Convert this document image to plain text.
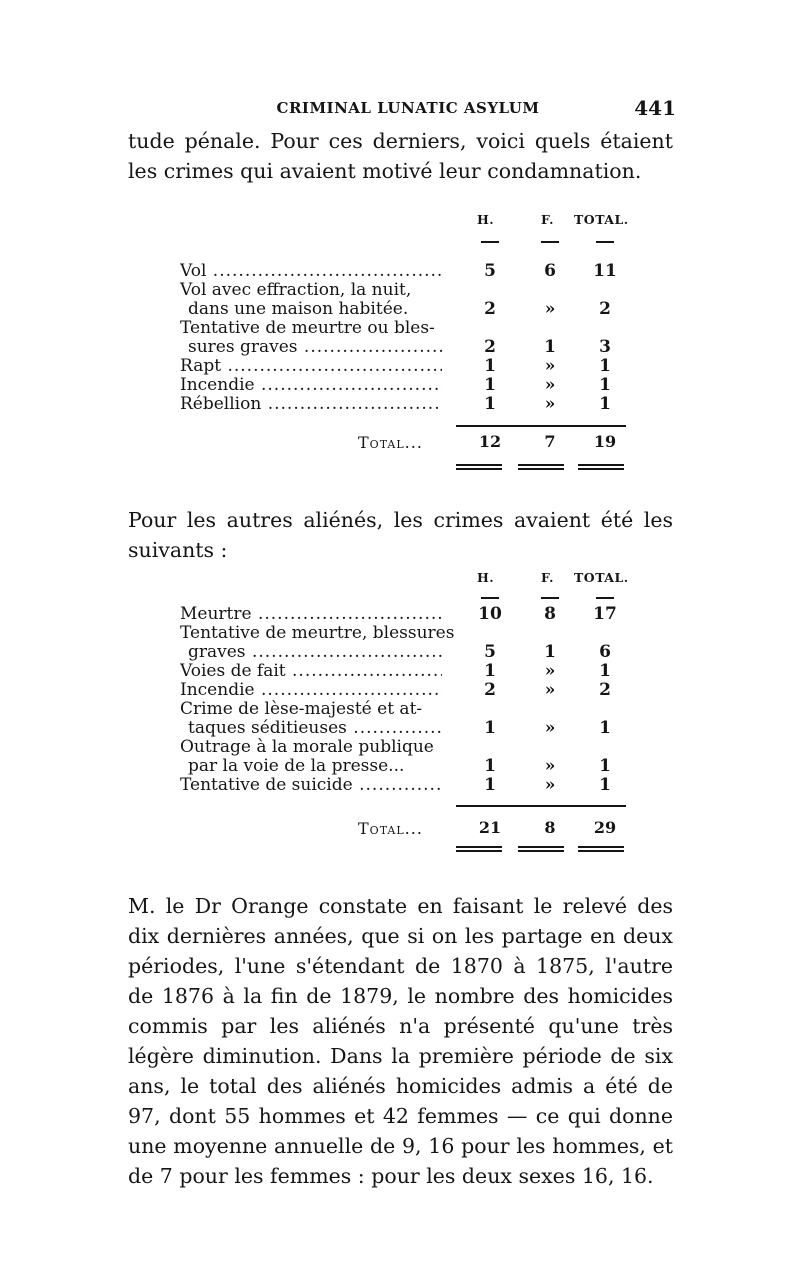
CRIMINAL LUNATIC ASYLUM	441

tude pénale. Pour ces derniers, voici quels étaient les crimes qui avaient motivé leur condamnation.

H.	F. TOTAL.
Vol .....	5	6	11
Vol avec effraction, la nuit,
dans une maison habitée.	2	»	2
Tentative de meurtre ou bles-
sures graves .....	2	1	3
Rapt .....	1	»	1
Incendie .....	1	»	1
Rébellion .....	1	»	1
Total...	12	7	19

Pour les autres aliénés, les crimes avaient été les suivants :

H.	F. TOTAL.
Meurtre .....	10	8	17
Tentative de meurtre, blessures
graves .....	5	1	6
Voies de fait .....	1	»	1
Incendie .....	2	»	2
Crime de lèse-majesté et at-
taques séditieuses .....	1	»	1
Outrage à la morale publique
par la voie de la presse...	1	»	1
Tentative de suicide .....	1	»	1
Total...	21	8	29

M. le Dr Orange constate en faisant le relevé des dix dernières années, que si on les partage en deux périodes, l'une s'étendant de 1870 à 1875, l'autre de 1876 à la fin de 1879, le nombre des homicides commis par les aliénés n'a présenté qu'une très légère diminution. Dans la première période de six ans, le total des aliénés homicides admis a été de 97, dont 55 hommes et 42 femmes — ce qui donne une moyenne annuelle de 9, 16 pour les hommes, et de 7 pour les femmes : pour les deux sexes 16, 16.
